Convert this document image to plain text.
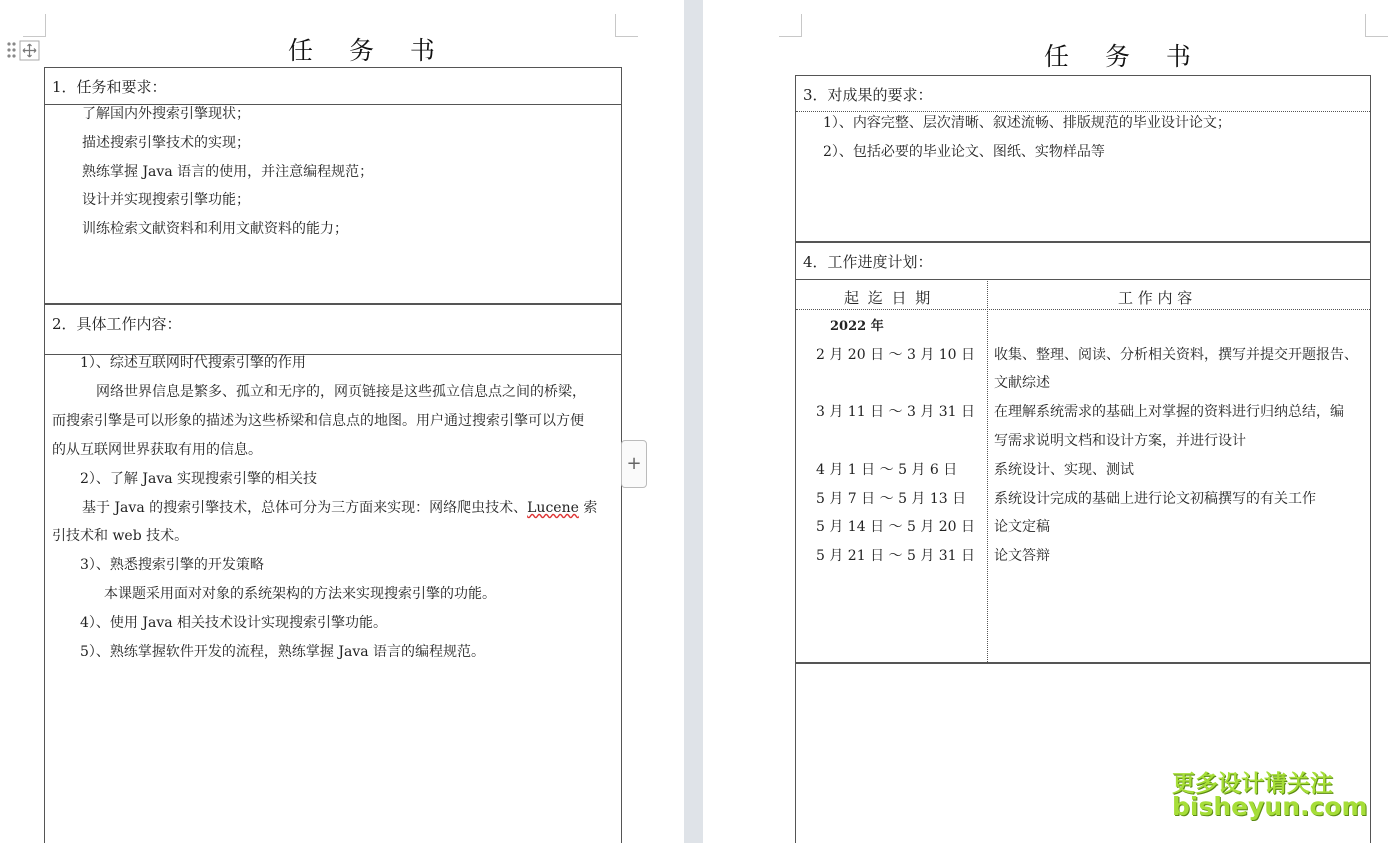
任 务 书
1．任务和要求：
了解国内外搜索引擎现状；
描述搜索引擎技术的实现；
熟练掌握 Java 语言的使用，并注意编程规范；
设计并实现搜索引擎功能；
训练检索文献资料和利用文献资料的能力；
2．具体工作内容：
1）、综述互联网时代搜索引擎的作用
网络世界信息是繁多、孤立和无序的，网页链接是这些孤立信息点之间的桥梁，
而搜索引擎是可以形象的描述为这些桥梁和信息点的地图。用户通过搜索引擎可以方便
的从互联网世界获取有用的信息。
2）、了解 Java 实现搜索引擎的相关技
基于 Java 的搜索引擎技术，总体可分为三方面来实现：网络爬虫技术、Lucene 索
引技术和 web 技术。
3）、熟悉搜索引擎的开发策略
本课题采用面对对象的系统架构的方法来实现搜索引擎的功能。
4）、使用 Java 相关技术设计实现搜索引擎功能。
5）、熟练掌握软件开发的流程，熟练掌握 Java 语言的编程规范。
+
任 务 书
3．对成果的要求：
1）、内容完整、层次清晰、叙述流畅、排版规范的毕业设计论文；
2）、包括必要的毕业论文、图纸、实物样品等
4．工作进度计划：
起 迄 日 期	工 作 内 容
2022 年
2 月 20 日 ～ 3 月 10 日 收集、整理、阅读、分析相关资料，撰写并提交开题报告、
文献综述
3 月 11 日 ～ 3 月 31 日 在理解系统需求的基础上对掌握的资料进行归纳总结，编
写需求说明文档和设计方案，并进行设计
4 月 1 日 ～ 5 月 6 日	系统设计、实现、测试
5 月 7 日 ～ 5 月 13 日 系统设计完成的基础上进行论文初稿撰写的有关工作
5 月 14 日 ～ 5 月 20 日 论文定稿
5 月 21 日 ～ 5 月 31 日 论文答辩
更多设计请关注
bisheyun.com
